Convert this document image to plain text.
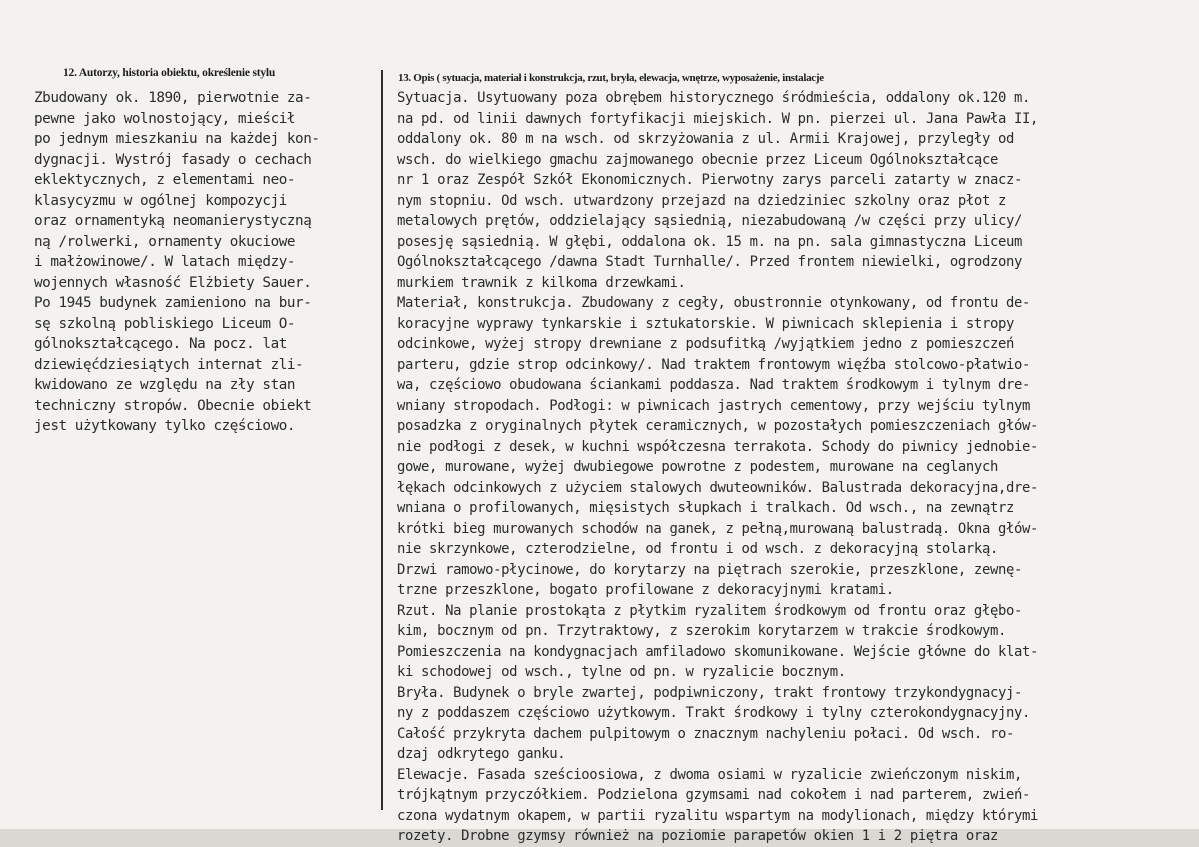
12. Autorzy, historia obiektu, określenie stylu	13. Opis ( sytuacja, materiał i konstrukcja, rzut, bryła, elewacja, wnętrze, wyposażenie, instalacje
Zbudowany ok. 1890, pierwotnie za-
pewne jako wolnostojący, mieścił
po jednym mieszkaniu na każdej kon-
dygnacji. Wystrój fasady o cechach
eklektycznych, z elementami neo-
klasycyzmu w ogólnej kompozycji
oraz ornamentyką neomanierystyczną
ną /rolwerki, ornamenty okuciowe
i małżowinowe/. W latach między-
wojennych własność Elżbiety Sauer.
Po 1945 budynek zamieniono na bur-
sę szkolną pobliskiego Liceum O-
gólnokształcącego. Na pocz. lat
dziewięćdziesiątych internat zli-
kwidowano ze względu na zły stan
techniczny stropów. Obecnie obiekt
jest użytkowany tylko częściowo.
Sytuacja. Usytuowany poza obrębem historycznego śródmieścia, oddalony ok.120 m.
na pd. od linii dawnych fortyfikacji miejskich. W pn. pierzei ul. Jana Pawła II,
oddalony ok. 80 m na wsch. od skrzyżowania z ul. Armii Krajowej, przyległy od
wsch. do wielkiego gmachu zajmowanego obecnie przez Liceum Ogólnokształcące
nr 1 oraz Zespół Szkół Ekonomicznych. Pierwotny zarys parceli zatarty w znacz-
nym stopniu. Od wsch. utwardzony przejazd na dziedziniec szkolny oraz płot z
metalowych prętów, oddzielający sąsiednią, niezabudowaną /w części przy ulicy/
posesję sąsiednią. W głębi, oddalona ok. 15 m. na pn. sala gimnastyczna Liceum
Ogólnokształcącego /dawna Stadt Turnhalle/. Przed frontem niewielki, ogrodzony
murkiem trawnik z kilkoma drzewkami.
Materiał, konstrukcja. Zbudowany z cegły, obustronnie otynkowany, od frontu de-
koracyjne wyprawy tynkarskie i sztukatorskie. W piwnicach sklepienia i stropy
odcinkowe, wyżej stropy drewniane z podsufitką /wyjątkiem jedno z pomieszczeń
parteru, gdzie strop odcinkowy/. Nad traktem frontowym więźba stolcowo-płatwio-
wa, częściowo obudowana ściankami poddasza. Nad traktem środkowym i tylnym dre-
wniany stropodach. Podłogi: w piwnicach jastrych cementowy, przy wejściu tylnym
posadzka z oryginalnych płytek ceramicznych, w pozostałych pomieszczeniach głów-
nie podłogi z desek, w kuchni współczesna terrakota. Schody do piwnicy jednobie-
gowe, murowane, wyżej dwubiegowe powrotne z podestem, murowane na ceglanych
łękach odcinkowych z użyciem stalowych dwuteowników. Balustrada dekoracyjna,dre-
wniana o profilowanych, mięsistych słupkach i tralkach. Od wsch., na zewnątrz
krótki bieg murowanych schodów na ganek, z pełną,murowaną balustradą. Okna głów-
nie skrzynkowe, czterodzielne, od frontu i od wsch. z dekoracyjną stolarką.
Drzwi ramowo-płycinowe, do korytarzy na piętrach szerokie, przeszklone, zewnę-
trzne przeszklone, bogato profilowane z dekoracyjnymi kratami.
Rzut. Na planie prostokąta z płytkim ryzalitem środkowym od frontu oraz głębo-
kim, bocznym od pn. Trzytraktowy, z szerokim korytarzem w trakcie środkowym.
Pomieszczenia na kondygnacjach amfiladowo skomunikowane. Wejście główne do klat-
ki schodowej od wsch., tylne od pn. w ryzalicie bocznym.
Bryła. Budynek o bryle zwartej, podpiwniczony, trakt frontowy trzykondygnacyj-
ny z poddaszem częściowo użytkowym. Trakt środkowy i tylny czterokondygnacyjny.
Całość przykryta dachem pulpitowym o znacznym nachyleniu połaci. Od wsch. ro-
dzaj odkrytego ganku.
Elewacje. Fasada sześcioosiowa, z dwoma osiami w ryzalicie zwieńczonym niskim,
trójkątnym przyczółkiem. Podzielona gzymsami nad cokołem i nad parterem, zwień-
czona wydatnym okapem, w partii ryzalitu wspartym na modylionach, między którymi
rozety. Drobne gzymsy również na poziomie parapetów okien 1 i 2 piętra oraz
